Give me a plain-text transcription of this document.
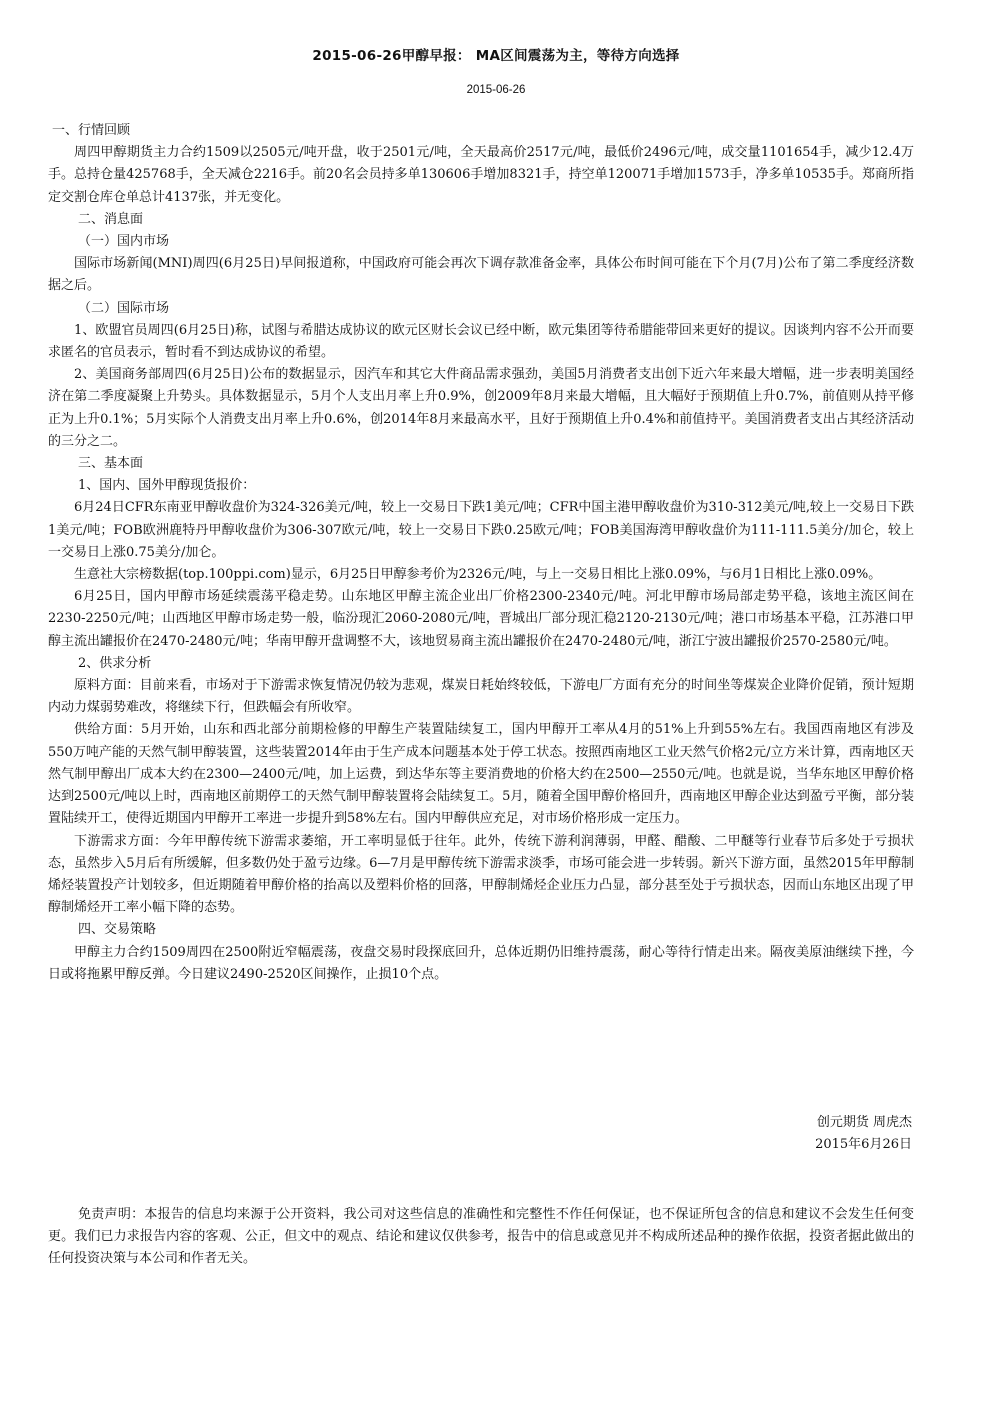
2015-06-26甲醇早报： MA区间震荡为主，等待方向选择
2015-06-26

一、行情回顾

周四甲醇期货主力合约1509以2505元/吨开盘，收于2501元/吨，全天最高价2517元/吨，最低价2496元/吨，成交量1101654手，减少12.4万手。总持仓量425768手，全天减仓2216手。前20名会员持多单130606手增加8321手，持空单120071手增加1573手，净多单10535手。郑商所指定交割仓库仓单总计4137张，并无变化。

二、消息面

（一）国内市场

国际市场新闻(MNI)周四(6月25日)早间报道称，中国政府可能会再次下调存款准备金率，具体公布时间可能在下个月(7月)公布了第二季度经济数据之后。

（二）国际市场

1、欧盟官员周四(6月25日)称，试图与希腊达成协议的欧元区财长会议已经中断，欧元集团等待希腊能带回来更好的提议。因谈判内容不公开而要求匿名的官员表示，暂时看不到达成协议的希望。

2、美国商务部周四(6月25日)公布的数据显示，因汽车和其它大件商品需求强劲，美国5月消费者支出创下近六年来最大增幅，进一步表明美国经济在第二季度凝聚上升势头。具体数据显示，5月个人支出月率上升0.9%，创2009年8月来最大增幅，且大幅好于预期值上升0.7%，前值则从持平修正为上升0.1%；5月实际个人消费支出月率上升0.6%，创2014年8月来最高水平，且好于预期值上升0.4%和前值持平。美国消费者支出占其经济活动的三分之二。

三、基本面

1、国内、国外甲醇现货报价：

6月24日CFR东南亚甲醇收盘价为324-326美元/吨，较上一交易日下跌1美元/吨；CFR中国主港甲醇收盘价为310-312美元/吨,较上一交易日下跌1美元/吨；FOB欧洲鹿特丹甲醇收盘价为306-307欧元/吨，较上一交易日下跌0.25欧元/吨；FOB美国海湾甲醇收盘价为111-111.5美分/加仑，较上一交易日上涨0.75美分/加仑。

生意社大宗榜数据(top.100ppi.com)显示，6月25日甲醇参考价为2326元/吨，与上一交易日相比上涨0.09%，与6月1日相比上涨0.09%。

6月25日，国内甲醇市场延续震荡平稳走势。山东地区甲醇主流企业出厂价格2300-2340元/吨。河北甲醇市场局部走势平稳，该地主流区间在2230-2250元/吨；山西地区甲醇市场走势一般，临汾现汇2060-2080元/吨，晋城出厂部分现汇稳2120-2130元/吨；港口市场基本平稳，江苏港口甲醇主流出罐报价在2470-2480元/吨；华南甲醇开盘调整不大，该地贸易商主流出罐报价在2470-2480元/吨，浙江宁波出罐报价2570-2580元/吨。

2、供求分析

原料方面：目前来看，市场对于下游需求恢复情况仍较为悲观，煤炭日耗始终较低，下游电厂方面有充分的时间坐等煤炭企业降价促销，预计短期内动力煤弱势难改，将继续下行，但跌幅会有所收窄。

供给方面：5月开始，山东和西北部分前期检修的甲醇生产装置陆续复工，国内甲醇开工率从4月的51%上升到55%左右。我国西南地区有涉及550万吨产能的天然气制甲醇装置，这些装置2014年由于生产成本问题基本处于停工状态。按照西南地区工业天然气价格2元/立方米计算，西南地区天然气制甲醇出厂成本大约在2300—2400元/吨，加上运费，到达华东等主要消费地的价格大约在2500—2550元/吨。也就是说，当华东地区甲醇价格达到2500元/吨以上时，西南地区前期停工的天然气制甲醇装置将会陆续复工。5月，随着全国甲醇价格回升，西南地区甲醇企业达到盈亏平衡，部分装置陆续开工，使得近期国内甲醇开工率进一步提升到58%左右。国内甲醇供应充足，对市场价格形成一定压力。

下游需求方面：今年甲醇传统下游需求萎缩，开工率明显低于往年。此外，传统下游利润薄弱，甲醛、醋酸、二甲醚等行业春节后多处于亏损状态，虽然步入5月后有所缓解，但多数仍处于盈亏边缘。6—7月是甲醇传统下游需求淡季，市场可能会进一步转弱。新兴下游方面，虽然2015年甲醇制烯烃装置投产计划较多，但近期随着甲醇价格的抬高以及塑料价格的回落，甲醇制烯烃企业压力凸显，部分甚至处于亏损状态，因而山东地区出现了甲醇制烯烃开工率小幅下降的态势。

四、交易策略

甲醇主力合约1509周四在2500附近窄幅震荡，夜盘交易时段探底回升，总体近期仍旧维持震荡，耐心等待行情走出来。隔夜美原油继续下挫，今日或将拖累甲醇反弹。今日建议2490-2520区间操作，止损10个点。

创元期货 周虎杰
2015年6月26日
免责声明：本报告的信息均来源于公开资料，我公司对这些信息的准确性和完整性不作任何保证，也不保证所包含的信息和建议不会发生任何变更。我们已力求报告内容的客观、公正，但文中的观点、结论和建议仅供参考，报告中的信息或意见并不构成所述品种的操作依据，投资者据此做出的任何投资决策与本公司和作者无关。
